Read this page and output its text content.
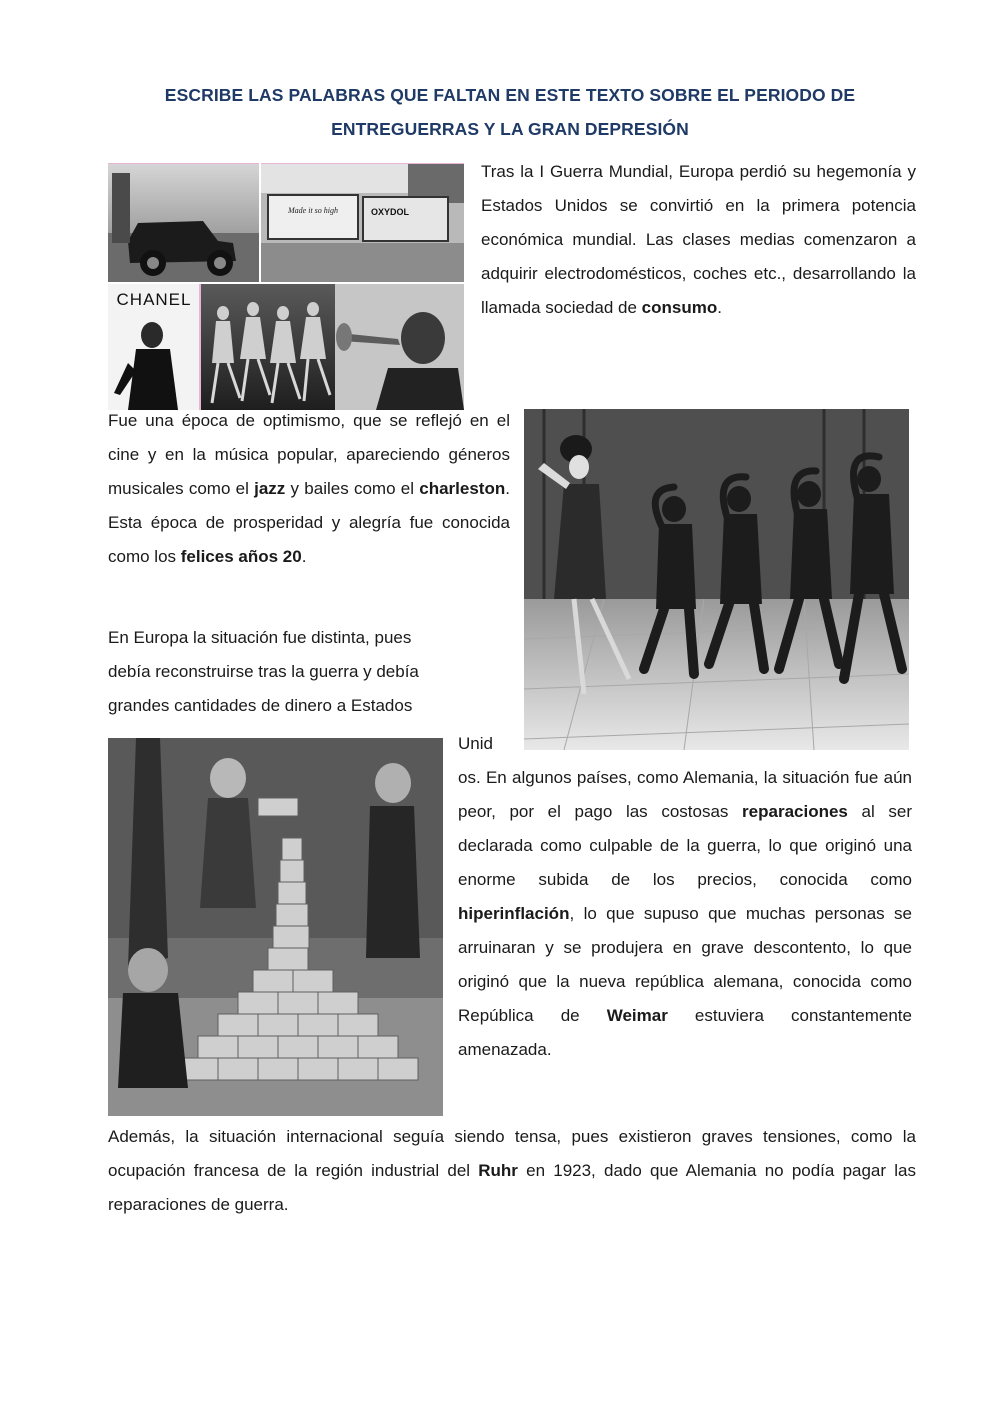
ESCRIBE LAS PALABRAS QUE FALTAN EN ESTE TEXTO SOBRE EL PERIODO DE
ENTREGUERRAS Y LA GRAN DEPRESIÓN
Made it so high	OXYDOL
CHANEL

Tras la I Guerra Mundial, Europa perdió su hegemonía y Estados Unidos se convirtió en la primera potencia económica mundial. Las clases medias comenzaron a adquirir electrodomésticos, coches etc., desarrollando la llamada sociedad de consumo.

Fue una época de optimismo, que se reflejó en el cine y en la música popular, apareciendo géneros musicales como el jazz y bailes como el charleston. Esta época de prosperidad y alegría fue conocida como los felices años 20.

En Europa la situación fue distinta, pues

debía reconstruirse tras la guerra y debía

grandes cantidades de dinero a Estados

Unid

os. En algunos países, como Alemania, la situación fue aún peor, por el pago las costosas reparaciones al ser declarada como culpable de la guerra, lo que originó una enorme subida de los precios, conocida como hiperinflación, lo que supuso que muchas personas se arruinaran y se produjera en grave descontento, lo que originó que la nueva república alemana, conocida como República de Weimar estuviera constantemente amenazada.

Además, la situación internacional seguía siendo tensa, pues existieron graves tensiones, como la ocupación francesa de la región industrial del Ruhr en 1923, dado que Alemania no podía pagar las reparaciones de guerra.
